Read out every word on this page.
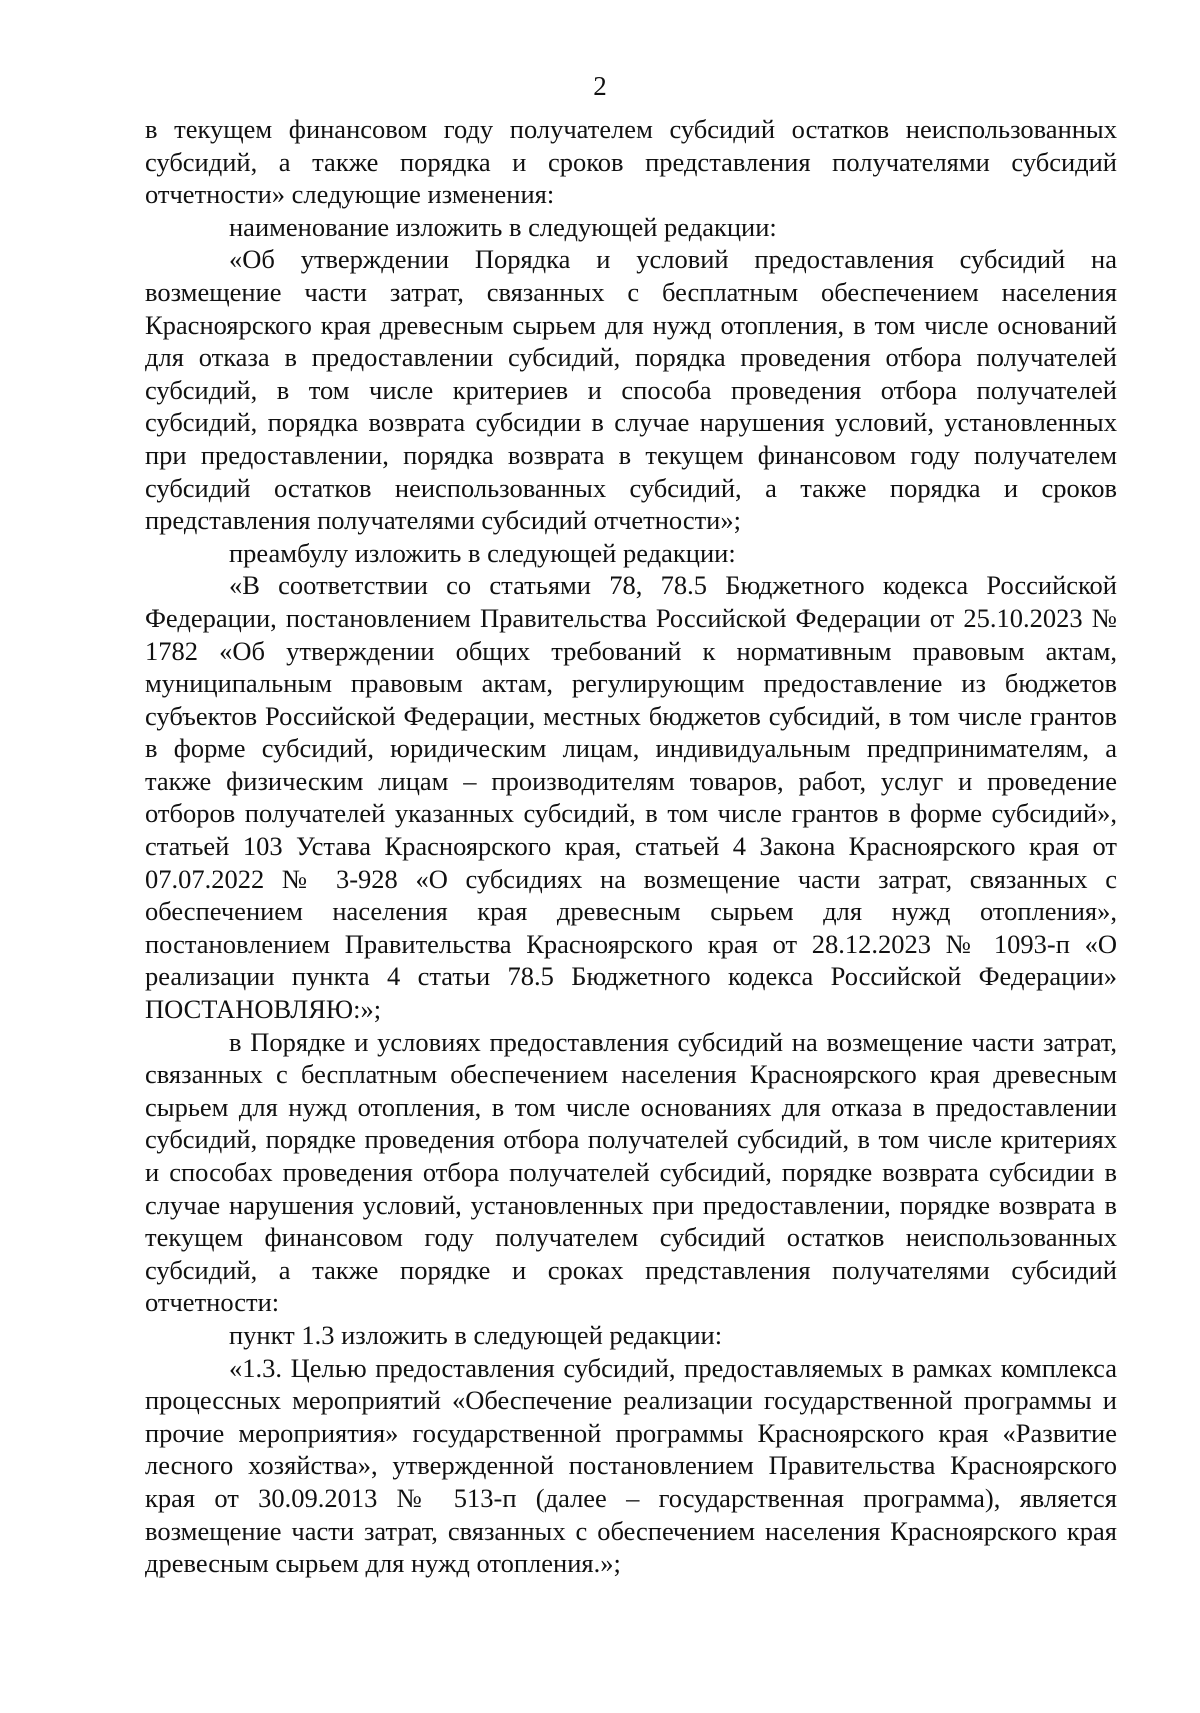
2

в текущем финансовом году получателем субсидий остатков неиспользованных субсидий, а также порядка и сроков представления получателями субсидий отчетности» следующие изменения:

наименование изложить в следующей редакции:

«Об утверждении Порядка и условий предоставления субсидий на возмещение части затрат, связанных с бесплатным обеспечением населения Красноярского края древесным сырьем для нужд отопления, в том числе оснований для отказа в предоставлении субсидий, порядка проведения отбора получателей субсидий, в том числе критериев и способа проведения отбора получателей субсидий, порядка возврата субсидии в случае нарушения условий, установленных при предоставлении, порядка возврата в текущем финансовом году получателем субсидий остатков неиспользованных субсидий, а также порядка и сроков представления получателями субсидий отчетности»;

преамбулу изложить в следующей редакции:

«В соответствии со статьями 78, 78.5 Бюджетного кодекса Российской Федерации, постановлением Правительства Российской Федерации от 25.10.2023 № 1782 «Об утверждении общих требований к нормативным правовым актам, муниципальным правовым актам, регулирующим предоставление из бюджетов субъектов Российской Федерации, местных бюджетов субсидий, в том числе грантов в форме субсидий, юридическим лицам, индивидуальным предпринимателям, а также физическим лицам – производителям товаров, работ, услуг и проведение отборов получателей указанных субсидий, в том числе грантов в форме субсидий», статьей 103 Устава Красноярского края, статьей 4 Закона Красноярского края от 07.07.2022 № 3-928 «О субсидиях на возмещение части затрат, связанных с обеспечением населения края древесным сырьем для нужд отопления», постановлением Правительства Красноярского края от 28.12.2023 № 1093-п «О реализации пункта 4 статьи 78.5 Бюджетного кодекса Российской Федерации» ПОСТАНОВЛЯЮ:»;

в Порядке и условиях предоставления субсидий на возмещение части затрат, связанных с бесплатным обеспечением населения Красноярского края древесным сырьем для нужд отопления, в том числе основаниях для отказа в предоставлении субсидий, порядке проведения отбора получателей субсидий, в том числе критериях и способах проведения отбора получателей субсидий, порядке возврата субсидии в случае нарушения условий, установленных при предоставлении, порядке возврата в текущем финансовом году получателем субсидий остатков неиспользованных субсидий, а также порядке и сроках представления получателями субсидий отчетности:

пункт 1.3 изложить в следующей редакции:

«1.3. Целью предоставления субсидий, предоставляемых в рамках комплекса процессных мероприятий «Обеспечение реализации государственной программы и прочие мероприятия» государственной программы Красноярского края «Развитие лесного хозяйства», утвержденной постановлением Правительства Красноярского края от 30.09.2013 № 513-п (далее – государственная программа), является возмещение части затрат, связанных с обеспечением населения Красноярского края древесным сырьем для нужд отопления.»;
